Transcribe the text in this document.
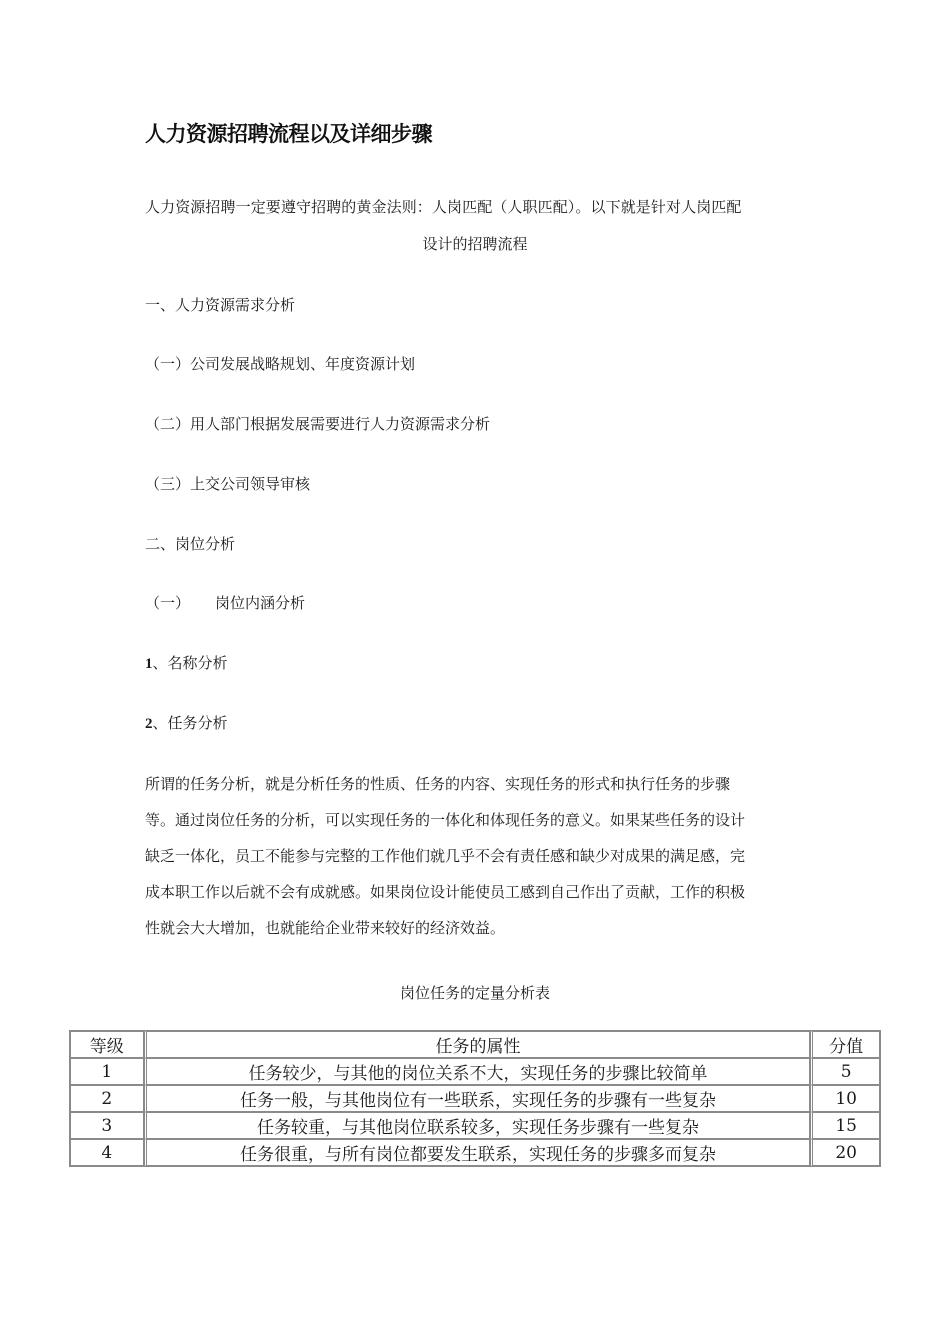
人力资源招聘流程以及详细步骤
人力资源招聘一定要遵守招聘的黄金法则：人岗匹配（人职匹配）。以下就是针对人岗匹配
设计的招聘流程
一、人力资源需求分析
（一）公司发展战略规划、年度资源计划
（二）用人部门根据发展需要进行人力资源需求分析
（三）上交公司领导审核
二、岗位分析
（一） 岗位内涵分析
1、名称分析
2、任务分析
所谓的任务分析，就是分析任务的性质、任务的内容、实现任务的形式和执行任务的步骤
等。通过岗位任务的分析，可以实现任务的一体化和体现任务的意义。如果某些任务的设计
缺乏一体化，员工不能参与完整的工作他们就几乎不会有责任感和缺少对成果的满足感，完
成本职工作以后就不会有成就感。如果岗位设计能使员工感到自己作出了贡献，工作的积极
性就会大大增加，也就能给企业带来较好的经济效益。
岗位任务的定量分析表
等级	任务的属性	分值
1	任务较少，与其他的岗位关系不大，实现任务的步骤比较简单	5
2	任务一般，与其他岗位有一些联系，实现任务的步骤有一些复杂	10
3	任务较重，与其他岗位联系较多，实现任务步骤有一些复杂	15
4	任务很重，与所有岗位都要发生联系，实现任务的步骤多而复杂	20
